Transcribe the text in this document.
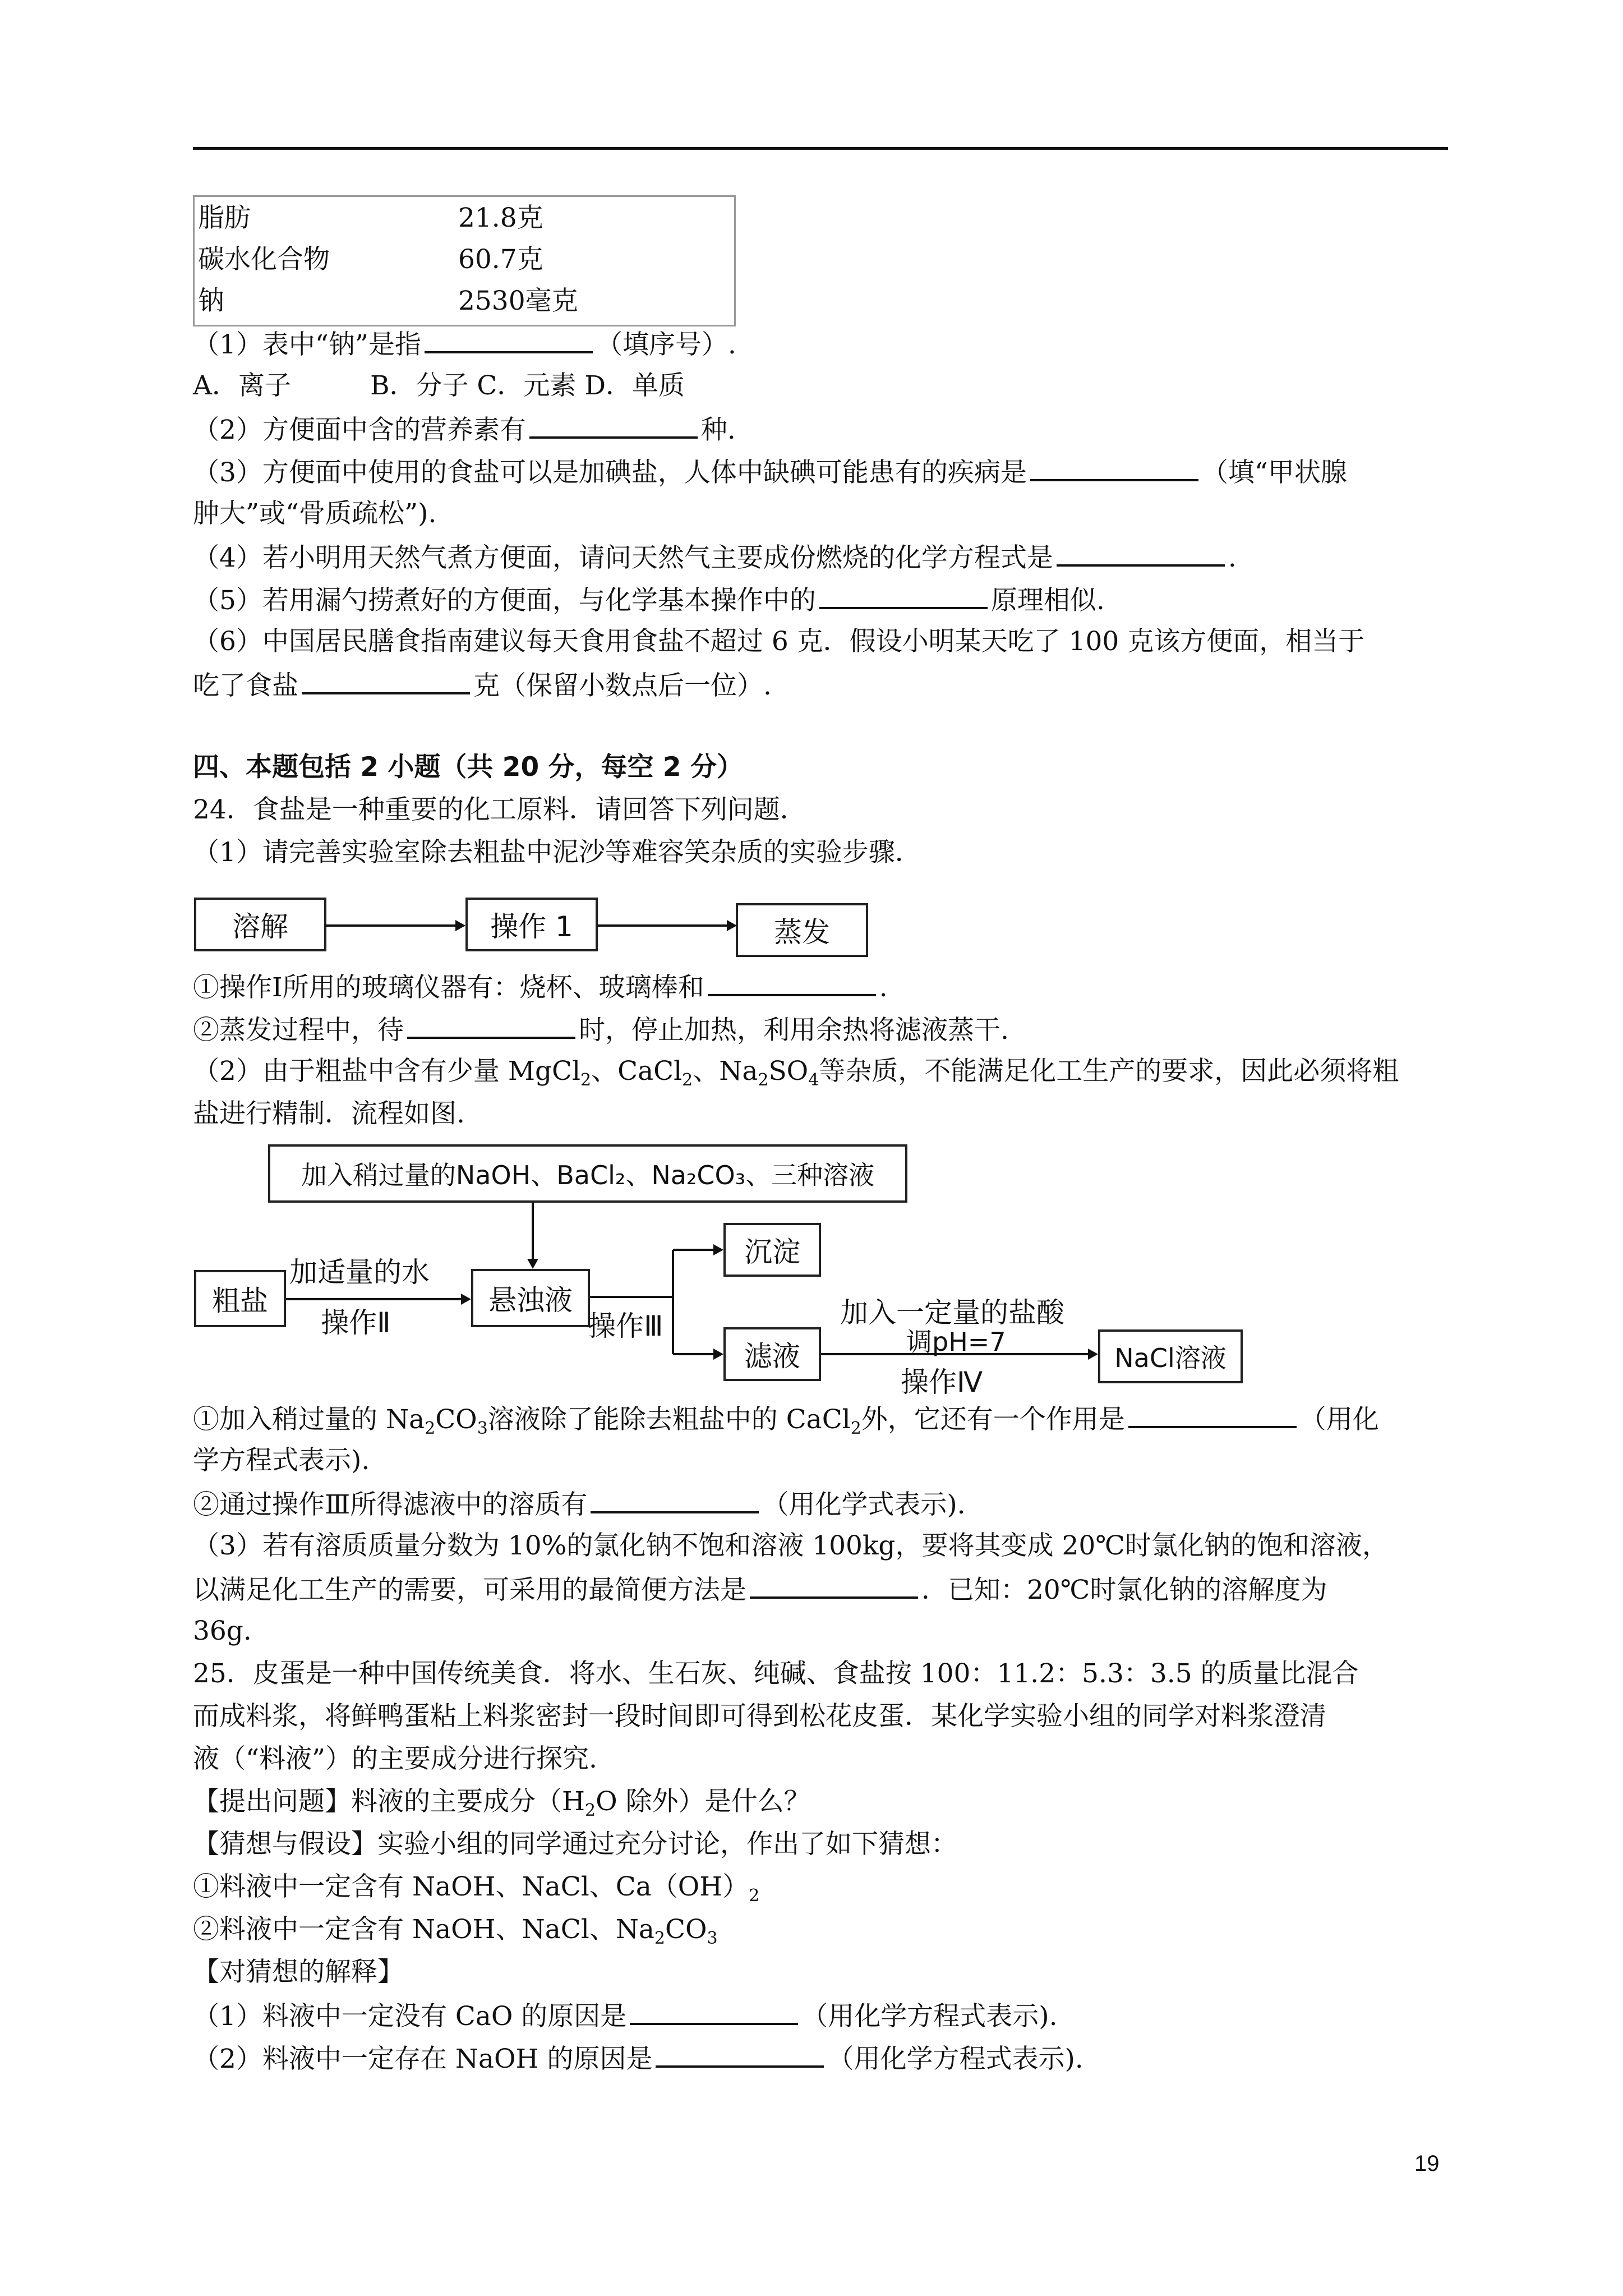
脂肪	21.8克
碳水化合物	60.7克
钠	2530毫克
（1）表中“钠”是指	（填序号）.
A．离子　　　B．分子 C．元素 D．单质
（2）方便面中含的营养素有	种.
（3）方便面中使用的食盐可以是加碘盐，人体中缺碘可能患有的疾病是	（填“甲状腺
肿大”或“骨质疏松”).
（4）若小明用天然气煮方便面，请问天然气主要成份燃烧的化学方程式是	.
（5）若用漏勺捞煮好的方便面，与化学基本操作中的	原理相似.
（6）中国居民膳食指南建议每天食用食盐不超过 6 克．假设小明某天吃了 100 克该方便面，相当于
吃了食盐	克（保留小数点后一位）.
四、本题包括 2 小题（共 20 分，每空 2 分）
24．食盐是一种重要的化工原料．请回答下列问题．
（1）请完善实验室除去粗盐中泥沙等难容笑杂质的实验步骤．
溶解	操作 1	蒸发
①操作Ⅰ所用的玻璃仪器有：烧杯、玻璃棒和	.
②蒸发过程中，待	时，停止加热，利用余热将滤液蒸干.
（2）由于粗盐中含有少量 MgCl$_2$、CaCl$_2$、$Na_2SO_4$等杂质，不能满足化工生产的要求，因此必须将粗
盐进行精制．流程如图.
加入稍过量的NaOH、BaCl₂、Na₂CO₃、三种溶液
粗盐
加适量的水
操作Ⅱ
悬浊液
操作Ⅲ
沉淀
滤液
加入一定量的盐酸
调pH=7
操作Ⅳ
NaCl溶液
①加入稍过量的 $Na_2CO_3$溶液除了能除去粗盐中的 CaCl$_2$外，它还有一个作用是	（用化
学方程式表示).
②通过操作Ⅲ所得滤液中的溶质有	（用化学式表示).
（3）若有溶质质量分数为 10%的氯化钠不饱和溶液 100kg，要将其变成 20℃时氯化钠的饱和溶液，
以满足化工生产的需要，可采用的最简便方法是	．已知：20℃时氯化钠的溶解度为
36g.
25．皮蛋是一种中国传统美食．将水、生石灰、纯碱、食盐按 100：11.2：5.3：3.5 的质量比混合
而成料浆，将鲜鸭蛋粘上料浆密封一段时间即可得到松花皮蛋．某化学实验小组的同学对料浆澄清
液（“料液”）的主要成分进行探究.
【提出问题】料液的主要成分（$H_2O$ 除外）是什么？
【猜想与假设】实验小组的同学通过充分讨论，作出了如下猜想：
①料液中一定含有 NaOH、NaCl、$Ca(OH)_2$
②料液中一定含有 NaOH、NaCl、$Na_2CO_3$
【对猜想的解释】
（1）料液中一定没有 CaO 的原因是	（用化学方程式表示).
（2）料液中一定存在 NaOH 的原因是	（用化学方程式表示).
19
